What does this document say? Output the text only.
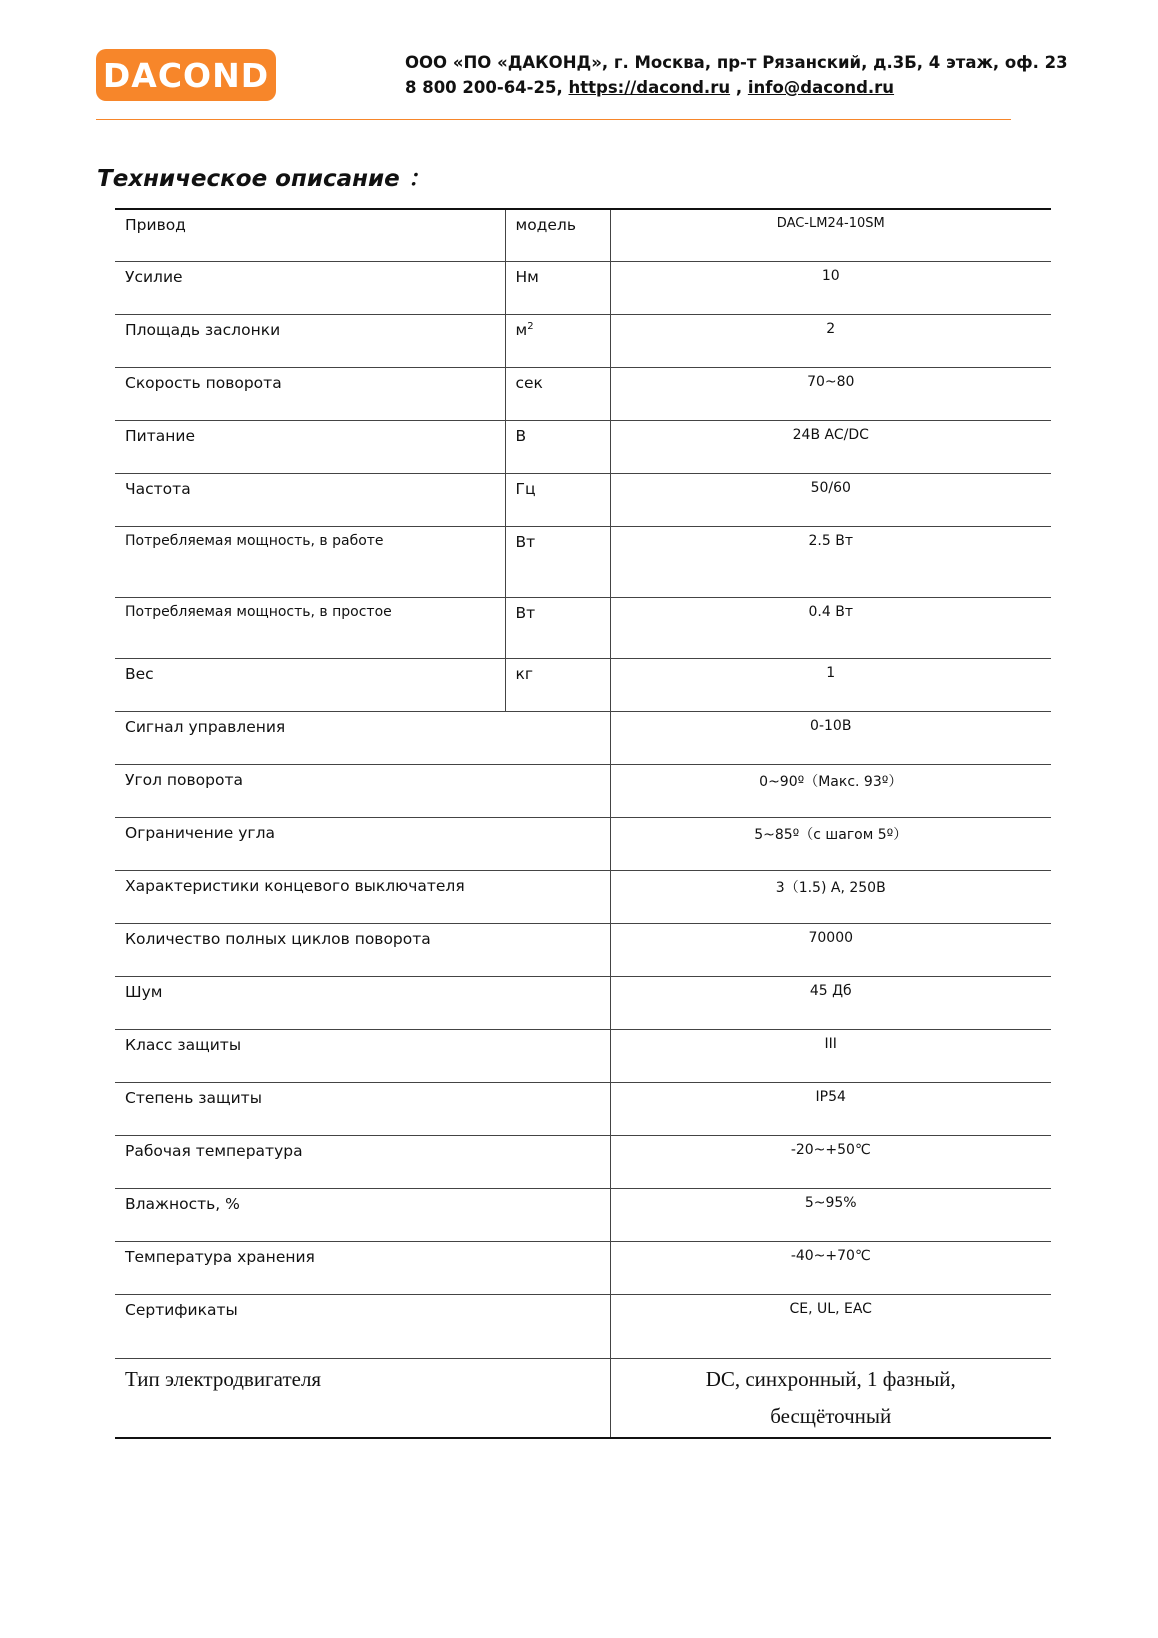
DACOND	ООО «ПО «ДАКОНД», г. Москва, пр-т Рязанский, д.3Б, 4 этаж, оф. 23
8 800 200-64-25, https://dacond.ru , info@dacond.ru
Техническое описание ：
Привод	модель	DAC-LM24-10SM
Усилие	Нм	10
Площадь заслонки	$м^2$	2
Скорость поворота	сек	70~80
Питание	В	24В AC/DC
Частота	Гц	50/60
Потребляемая мощность, в работе	Вт	2.5 Вт
Потребляемая мощность, в простое	Вт	0.4 Вт
Вес	кг	1
Сигнал управления		0-10В
Угол поворота		0~90º（Макс. 93º）
Ограничение угла		5~85º（с шагом 5º）
Характеристики концевого выключателя		3（1.5) А, 250В
Количество полных циклов поворота		70000
Шум		45 Дб
Класс защиты		III
Степень защиты		IP54
Рабочая температура		-20~+50℃
Влажность, %		5~95%
Температура хранения		-40~+70℃
Сертификаты		CE, UL, EAC
Тип электродвигателя		DC, синхронный, 1 фазный,
бесщёточный
